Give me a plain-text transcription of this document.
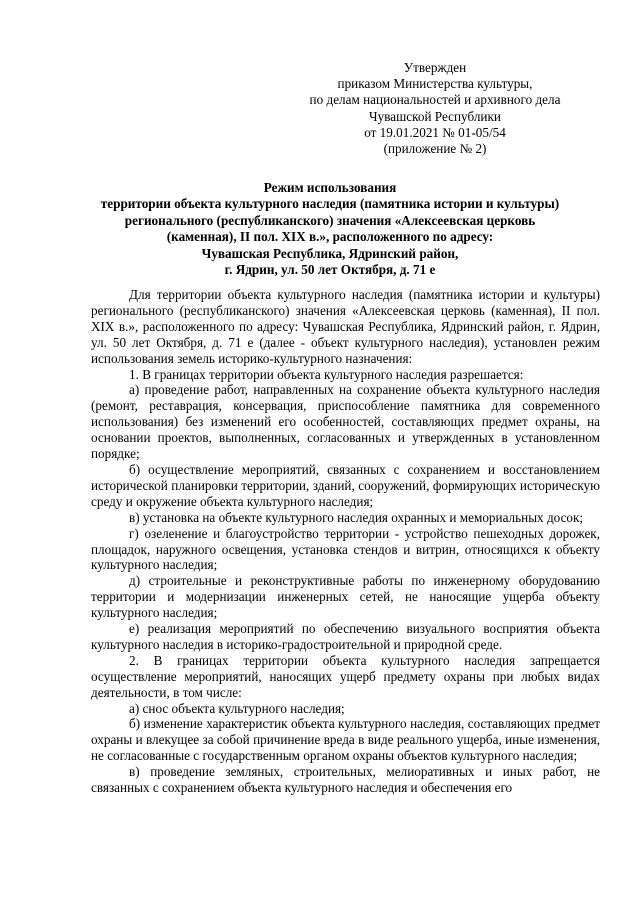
Утвержден
приказом Министерства культуры,
по делам национальностей и архивного дела
Чувашской Республики
от 19.01.2021 № 01-05/54
(приложение № 2)
Режим использования
территории объекта культурного наследия (памятника истории и культуры)
регионального (республиканского) значения «Алексеевская церковь
(каменная), II пол. XIX в.», расположенного по адресу:
Чувашская Республика, Ядринский район,
г. Ядрин, ул. 50 лет Октября, д. 71 е

Для территории объекта культурного наследия (памятника истории и культуры) регионального (республиканского) значения «Алексеевская церковь (каменная), II пол. XIX в.», расположенного по адресу: Чувашская Республика, Ядринский район, г. Ядрин, ул. 50 лет Октября, д. 71 е (далее - объект культурного наследия), установлен режим использования земель историко-культурного назначения:

1. В границах территории объекта культурного наследия разрешается:

а) проведение работ, направленных на сохранение объекта культурного наследия (ремонт, реставрация, консервация, приспособление памятника для современного использования) без изменений его особенностей, составляющих предмет охраны, на основании проектов, выполненных, согласованных и утвержденных в установленном порядке;

б) осуществление мероприятий, связанных с сохранением и восстановлением исторической планировки территории, зданий, сооружений, формирующих историческую среду и окружение объекта культурного наследия;

в) установка на объекте культурного наследия охранных и мемориальных досок;

г) озеленение и благоустройство территории - устройство пешеходных дорожек, площадок, наружного освещения, установка стендов и витрин, относящихся к объекту культурного наследия;

д) строительные и реконструктивные работы по инженерному оборудованию территории и модернизации инженерных сетей, не наносящие ущерба объекту культурного наследия;

е) реализация мероприятий по обеспечению визуального восприятия объекта культурного наследия в историко-градостроительной и природной среде.

2. В границах территории объекта культурного наследия запрещается осуществление мероприятий, наносящих ущерб предмету охраны при любых видах деятельности, в том числе:

а) снос объекта культурного наследия;

б) изменение характеристик объекта культурного наследия, составляющих предмет охраны и влекущее за собой причинение вреда в виде реального ущерба, иные изменения, не согласованные с государственным органом охраны объектов культурного наследия;

в) проведение земляных, строительных, мелиоративных и иных работ, не связанных с сохранением объекта культурного наследия и обеспечения его
